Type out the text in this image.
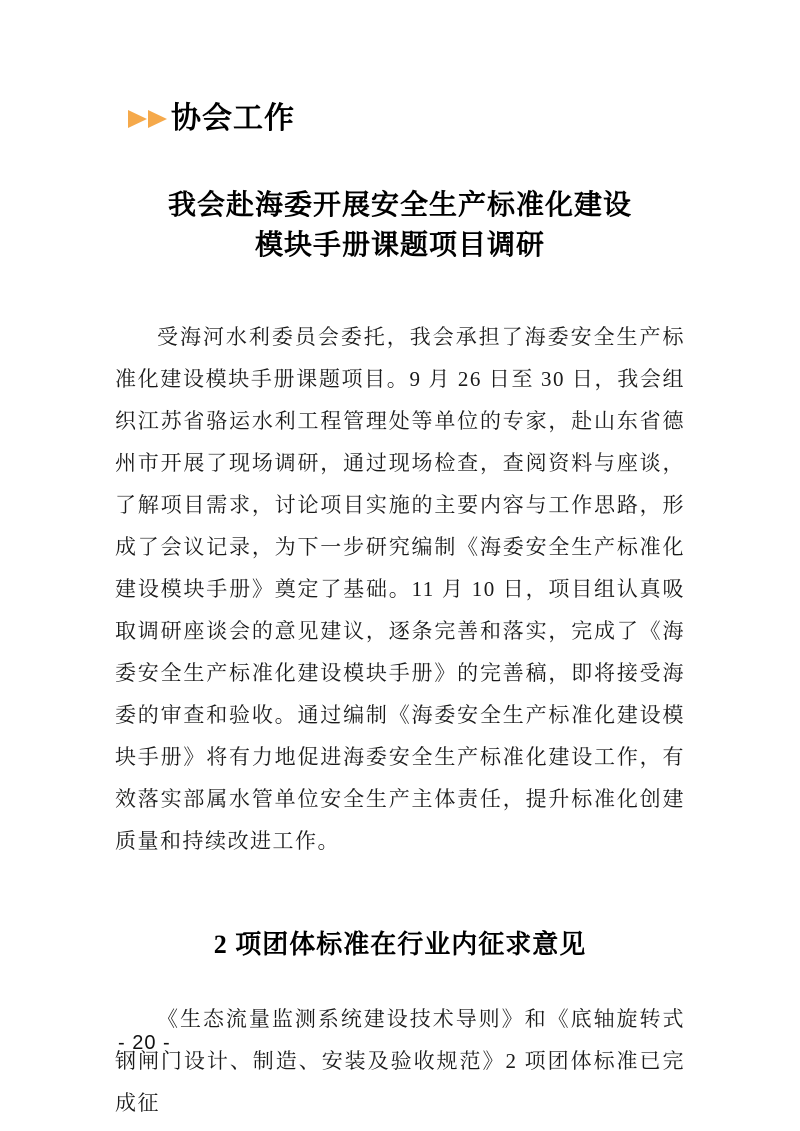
协会工作
我会赴海委开展安全生产标准化建设
模块手册课题项目调研

受海河水利委员会委托，我会承担了海委安全生产标准化建设模块手册课题项目。9 月 26 日至 30 日，我会组织江苏省骆运水利工程管理处等单位的专家，赴山东省德州市开展了现场调研，通过现场检查，查阅资料与座谈，了解项目需求，讨论项目实施的主要内容与工作思路，形成了会议记录，为下一步研究编制《海委安全生产标准化建设模块手册》奠定了基础。11 月 10 日，项目组认真吸取调研座谈会的意见建议，逐条完善和落实，完成了《海委安全生产标准化建设模块手册》的完善稿，即将接受海委的审查和验收。通过编制《海委安全生产标准化建设模块手册》将有力地促进海委安全生产标准化建设工作，有效落实部属水管单位安全生产主体责任，提升标准化创建质量和持续改进工作。

2 项团体标准在行业内征求意见

《生态流量监测系统建设技术导则》和《底轴旋转式钢闸门设计、制造、安装及验收规范》2 项团体标准已完成征

- 20 -
